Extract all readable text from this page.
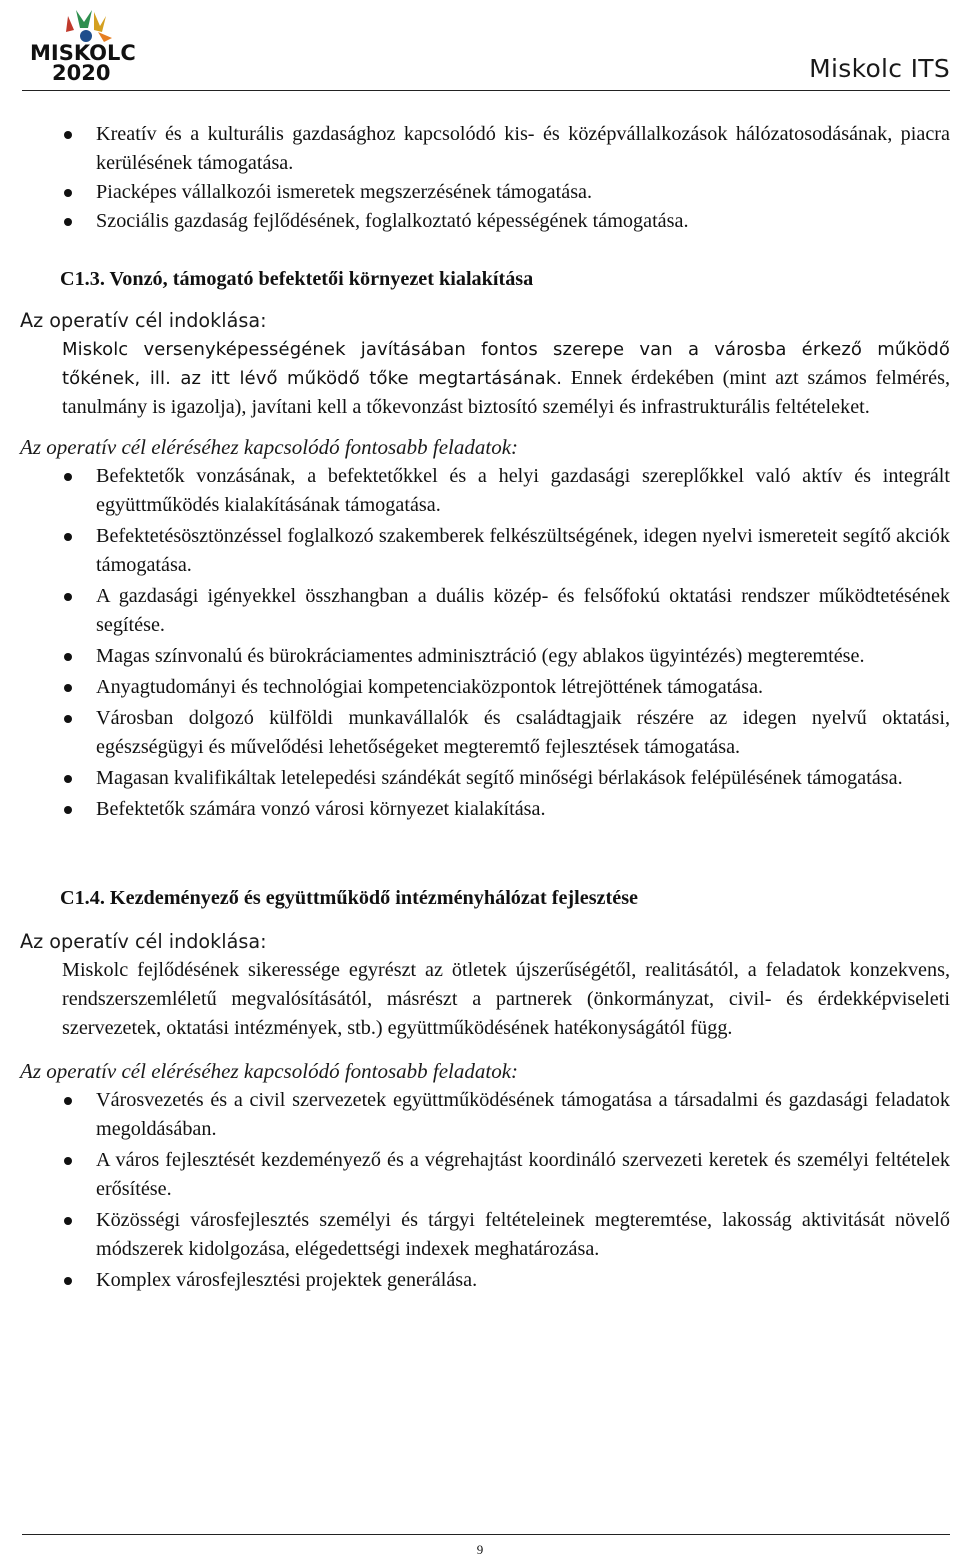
MISKOLC
2020	Miskolc ITS
Kreatív és a kulturális gazdasághoz kapcsolódó kis- és középvállalkozások hálózatosodásának, piacra kerülésének támogatása.
Piacképes vállalkozói ismeretek megszerzésének támogatása.
Szociális gazdaság fejlődésének, foglalkoztató képességének támogatása.
C1.3. Vonzó, támogató befektetői környezet kialakítása
Az operatív cél indoklása:
Miskolc versenyképességének javításában fontos szerepe van a városba érkező működő tőkének, ill. az itt lévő működő tőke megtartásának. Ennek érdekében (mint azt számos felmérés, tanulmány is igazolja), javítani kell a tőkevonzást biztosító személyi és infrastrukturális feltételeket.
Az operatív cél eléréséhez kapcsolódó fontosabb feladatok:
Befektetők vonzásának, a befektetőkkel és a helyi gazdasági szereplőkkel való aktív és integrált együttműködés kialakításának támogatása.
Befektetésösztönzéssel foglalkozó szakemberek felkészültségének, idegen nyelvi ismereteit segítő akciók támogatása.
A gazdasági igényekkel összhangban a duális közép- és felsőfokú oktatási rendszer működtetésének segítése.
Magas színvonalú és bürokráciamentes adminisztráció (egy ablakos ügyintézés) megteremtése.
Anyagtudományi és technológiai kompetenciaközpontok létrejöttének támogatása.
Városban dolgozó külföldi munkavállalók és családtagjaik részére az idegen nyelvű oktatási, egészségügyi és művelődési lehetőségeket megteremtő fejlesztések támogatása.
Magasan kvalifikáltak letelepedési szándékát segítő minőségi bérlakások felépülésének támogatása.
Befektetők számára vonzó városi környezet kialakítása.
C1.4. Kezdeményező és együttműködő intézményhálózat fejlesztése
Az operatív cél indoklása:
Miskolc fejlődésének sikeressége egyrészt az ötletek újszerűségétől, realitásától, a feladatok konzekvens, rendszerszemléletű megvalósításától, másrészt a partnerek (önkormányzat, civil- és érdekképviseleti szervezetek, oktatási intézmények, stb.) együttműködésének hatékonyságától függ.
Az operatív cél eléréséhez kapcsolódó fontosabb feladatok:
Városvezetés és a civil szervezetek együttműködésének támogatása a társadalmi és gazdasági feladatok megoldásában.
A város fejlesztését kezdeményező és a végrehajtást koordináló szervezeti keretek és személyi feltételek erősítése.
Közösségi városfejlesztés személyi és tárgyi feltételeinek megteremtése, lakosság aktivitását növelő módszerek kidolgozása, elégedettségi indexek meghatározása.
Komplex városfejlesztési projektek generálása.
9
